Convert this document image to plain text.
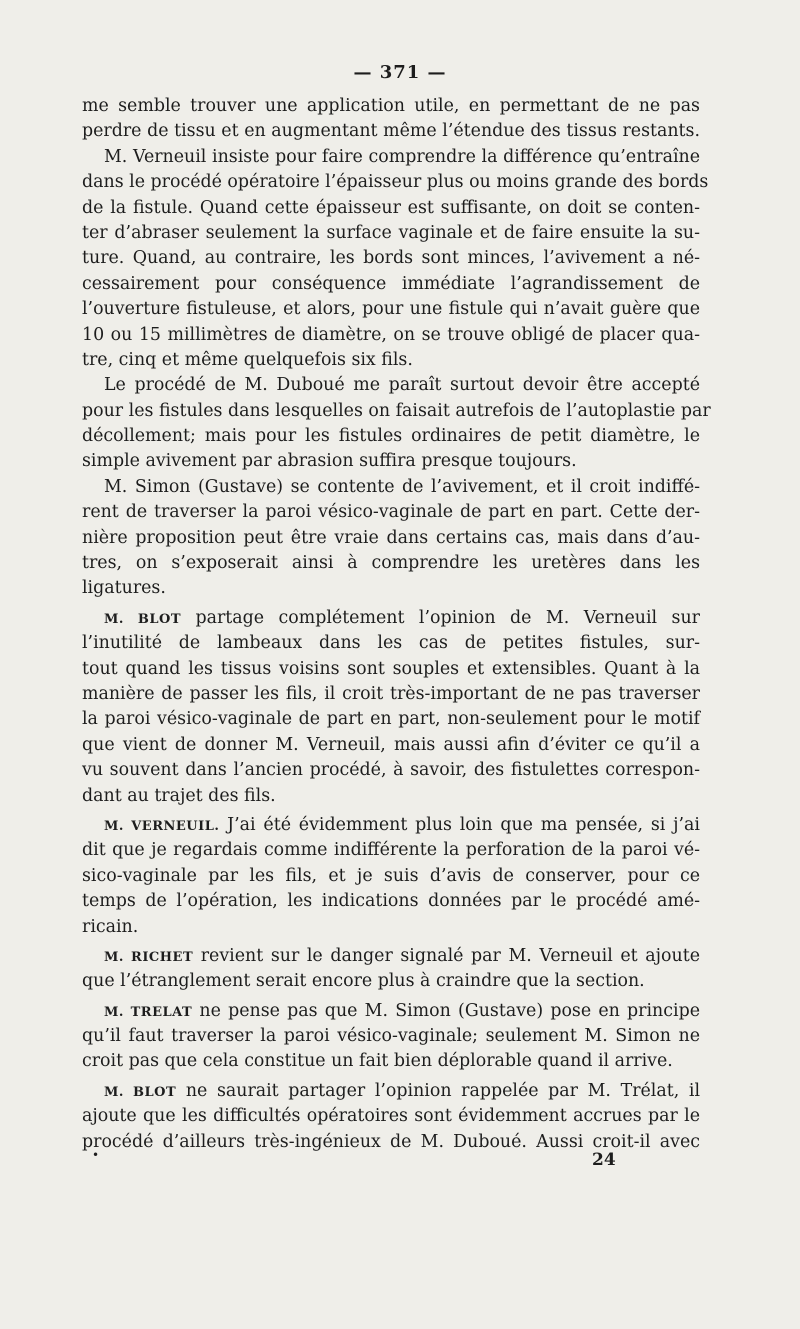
— 371 —
me semble trouver une application utile, en permettant de ne pas
perdre de tissu et en augmentant même l’étendue des tissus restants.
M. Verneuil insiste pour faire comprendre la différence qu’entraîne
dans le procédé opératoire l’épaisseur plus ou moins grande des bords
de la fistule. Quand cette épaisseur est suffisante, on doit se conten-
ter d’abraser seulement la surface vaginale et de faire ensuite la su-
ture. Quand, au contraire, les bords sont minces, l’avivement a né-
cessairement pour conséquence immédiate l’agrandissement de
l’ouverture fistuleuse, et alors, pour une fistule qui n’avait guère que
10 ou 15 millimètres de diamètre, on se trouve obligé de placer qua-
tre, cinq et même quelquefois six fils.
Le procédé de M. Duboué me paraît surtout devoir être accepté
pour les fistules dans lesquelles on faisait autrefois de l’autoplastie par
décollement; mais pour les fistules ordinaires de petit diamètre, le
simple avivement par abrasion suffira presque toujours.
M. Simon (Gustave) se contente de l’avivement, et il croit indiffé-
rent de traverser la paroi vésico-vaginale de part en part. Cette der-
nière proposition peut être vraie dans certains cas, mais dans d’au-
tres, on s’exposerait ainsi à comprendre les uretères dans les
ligatures.
M. BLOT partage complétement l’opinion de M. Verneuil sur
l’inutilité de lambeaux dans les cas de petites fistules, sur-
tout quand les tissus voisins sont souples et extensibles. Quant à la
manière de passer les fils, il croit très-important de ne pas traverser
la paroi vésico-vaginale de part en part, non-seulement pour le motif
que vient de donner M. Verneuil, mais aussi afin d’éviter ce qu’il a
vu souvent dans l’ancien procédé, à savoir, des fistulettes correspon-
dant au trajet des fils.
M. VERNEUIL. J’ai été évidemment plus loin que ma pensée, si j’ai
dit que je regardais comme indifférente la perforation de la paroi vé-
sico-vaginale par les fils, et je suis d’avis de conserver, pour ce
temps de l’opération, les indications données par le procédé amé-
ricain.
M. RICHET revient sur le danger signalé par M. Verneuil et ajoute
que l’étranglement serait encore plus à craindre que la section.
M. TRELAT ne pense pas que M. Simon (Gustave) pose en principe
qu’il faut traverser la paroi vésico-vaginale; seulement M. Simon ne
croit pas que cela constitue un fait bien déplorable quand il arrive.
M. BLOT ne saurait partager l’opinion rappelée par M. Trélat, il
ajoute que les difficultés opératoires sont évidemment accrues par le
procédé d’ailleurs très-ingénieux de M. Duboué. Aussi croit-il avec
•	24
